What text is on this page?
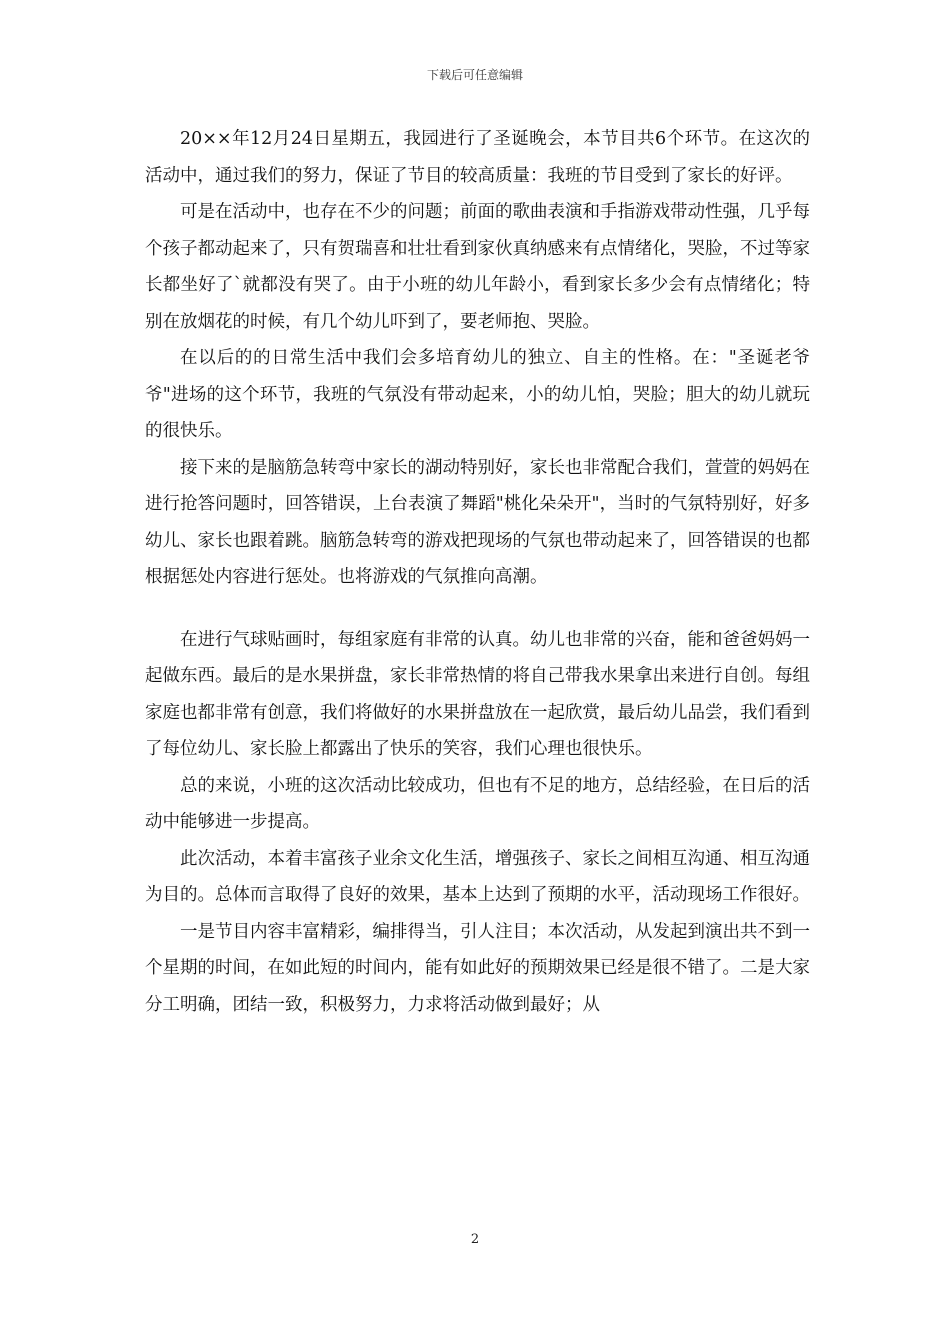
下载后可任意编辑

20××年12月24日星期五，我园进行了圣诞晚会，本节目共6个环节。在这次的活动中，通过我们的努力，保证了节目的较高质量：我班的节目受到了家长的好评。

可是在活动中，也存在不少的问题；前面的歌曲表演和手指游戏带动性强，几乎每个孩子都动起来了，只有贺瑞喜和壮壮看到家伙真纳感来有点情绪化，哭脸，不过等家长都坐好了`就都没有哭了。由于小班的幼儿年龄小，看到家长多少会有点情绪化；特别在放烟花的时候，有几个幼儿吓到了，要老师抱、哭脸。

在以后的的日常生活中我们会多培育幼儿的独立、自主的性格。在："圣诞老爷爷"进场的这个环节，我班的气氛没有带动起来，小的幼儿怕，哭脸；胆大的幼儿就玩的很快乐。

接下来的是脑筋急转弯中家长的湖动特别好，家长也非常配合我们，萱萱的妈妈在进行抢答问题时，回答错误，上台表演了舞蹈"桃化朵朵开"，当时的气氛特别好，好多幼儿、家长也跟着跳。脑筋急转弯的游戏把现场的气氛也带动起来了，回答错误的也都根据惩处内容进行惩处。也将游戏的气氛推向高潮。

在进行气球贴画时，每组家庭有非常的认真。幼儿也非常的兴奋，能和爸爸妈妈一起做东西。最后的是水果拼盘，家长非常热情的将自己带我水果拿出来进行自创。每组家庭也都非常有创意，我们将做好的水果拼盘放在一起欣赏，最后幼儿品尝，我们看到了每位幼儿、家长脸上都露出了快乐的笑容，我们心理也很快乐。

总的来说，小班的这次活动比较成功，但也有不足的地方，总结经验，在日后的活动中能够进一步提高。

此次活动，本着丰富孩子业余文化生活，增强孩子、家长之间相互沟通、相互沟通为目的。总体而言取得了良好的效果，基本上达到了预期的水平，活动现场工作很好。

一是节目内容丰富精彩，编排得当，引人注目；本次活动，从发起到演出共不到一个星期的时间，在如此短的时间内，能有如此好的预期效果已经是很不错了。二是大家分工明确，团结一致，积极努力，力求将活动做到最好；从

2
